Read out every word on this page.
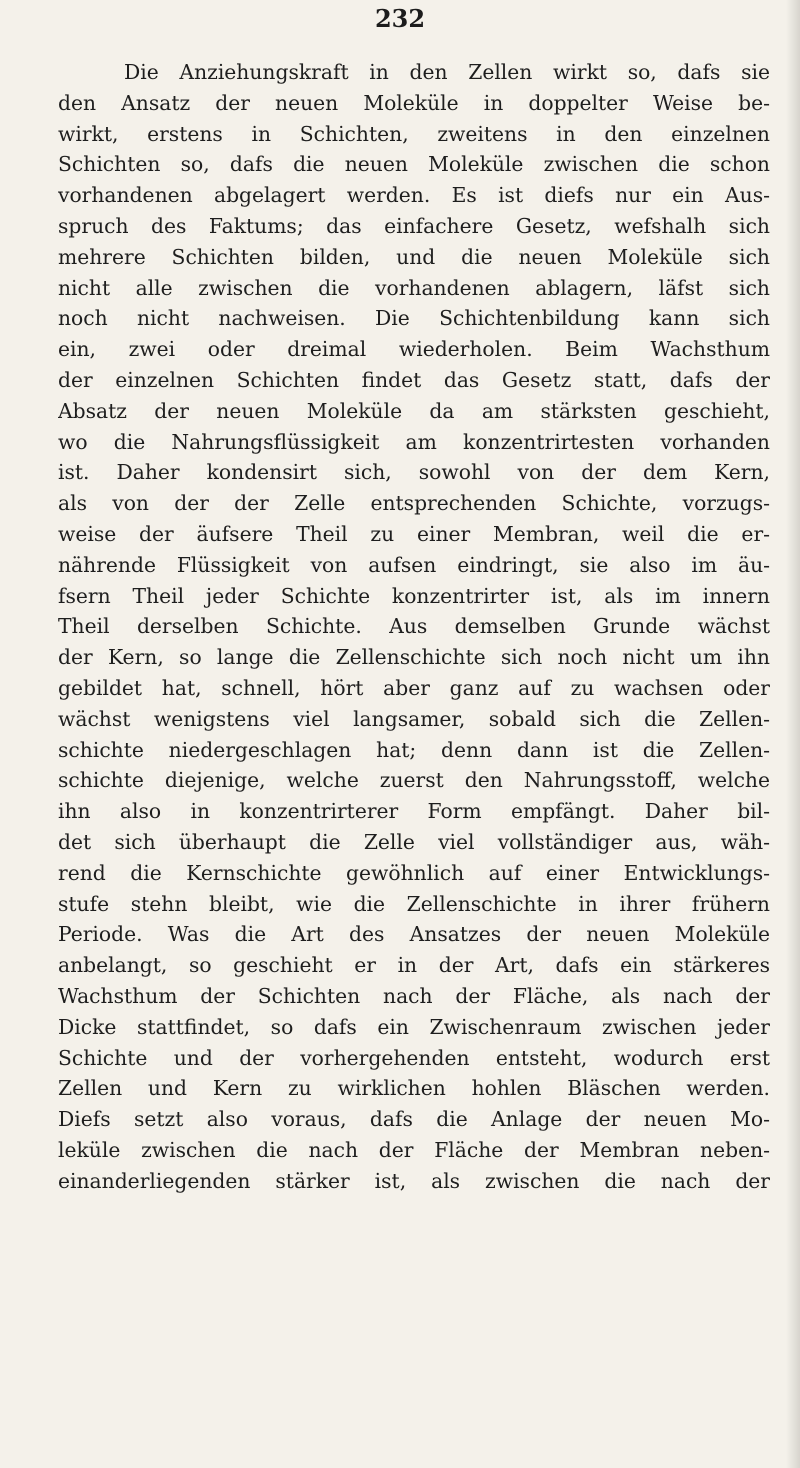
232

Die Anziehungskraft in den Zellen wirkt so, dafs sie
den Ansatz der neuen Moleküle in doppelter Weise be-
wirkt, erstens in Schichten, zweitens in den einzelnen
Schichten so, dafs die neuen Moleküle zwischen die schon
vorhandenen abgelagert werden. Es ist diefs nur ein Aus-
spruch des Faktums; das einfachere Gesetz, wefshalh sich
mehrere Schichten bilden, und die neuen Moleküle sich
nicht alle zwischen die vorhandenen ablagern, läfst sich
noch nicht nachweisen. Die Schichtenbildung kann sich
ein, zwei oder dreimal wiederholen. Beim Wachsthum
der einzelnen Schichten findet das Gesetz statt, dafs der
Absatz der neuen Moleküle da am stärksten geschieht,
wo die Nahrungsflüssigkeit am konzentrirtesten vorhanden
ist. Daher kondensirt sich, sowohl von der dem Kern,
als von der der Zelle entsprechenden Schichte, vorzugs-
weise der äufsere Theil zu einer Membran, weil die er-
nährende Flüssigkeit von aufsen eindringt, sie also im äu-
fsern Theil jeder Schichte konzentrirter ist, als im innern
Theil derselben Schichte. Aus demselben Grunde wächst
der Kern, so lange die Zellenschichte sich noch nicht um ihn
gebildet hat, schnell, hört aber ganz auf zu wachsen oder
wächst wenigstens viel langsamer, sobald sich die Zellen-
schichte niedergeschlagen hat; denn dann ist die Zellen-
schichte diejenige, welche zuerst den Nahrungsstoff, welche
ihn also in konzentrirterer Form empfängt. Daher bil-
det sich überhaupt die Zelle viel vollständiger aus, wäh-
rend die Kernschichte gewöhnlich auf einer Entwicklungs-
stufe stehn bleibt, wie die Zellenschichte in ihrer frühern
Periode. Was die Art des Ansatzes der neuen Moleküle
anbelangt, so geschieht er in der Art, dafs ein stärkeres
Wachsthum der Schichten nach der Fläche, als nach der
Dicke stattfindet, so dafs ein Zwischenraum zwischen jeder
Schichte und der vorhergehenden entsteht, wodurch erst
Zellen und Kern zu wirklichen hohlen Bläschen werden.
Diefs setzt also voraus, dafs die Anlage der neuen Mo-
leküle zwischen die nach der Fläche der Membran neben-
einanderliegenden stärker ist, als zwischen die nach der
